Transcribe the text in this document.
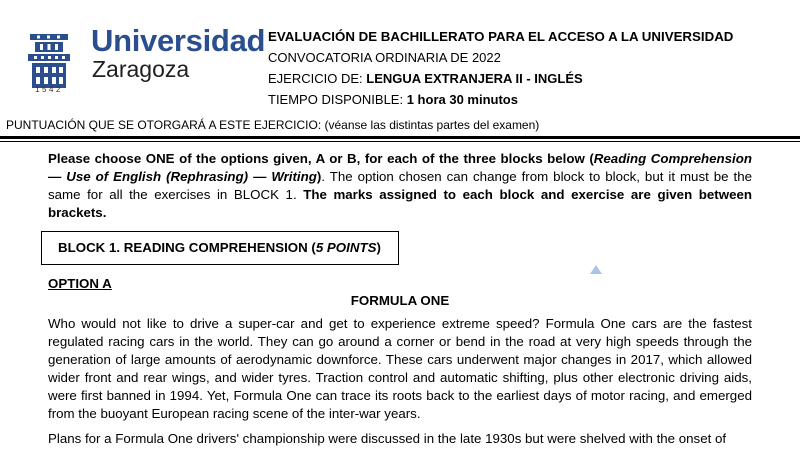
1542
Universidad
Zaragoza
EVALUACIÓN DE BACHILLERATO PARA EL ACCESO A LA UNIVERSIDAD
CONVOCATORIA ORDINARIA DE 2022
EJERCICIO DE: LENGUA EXTRANJERA II - INGLÉS
TIEMPO DISPONIBLE: 1 hora 30 minutos
PUNTUACIÓN QUE SE OTORGARÁ A ESTE EJERCICIO: (véanse las distintas partes del examen)
Please choose ONE of the options given, A or B, for each of the three blocks below (Reading Comprehension — Use of English (Rephrasing) — Writing). The option chosen can change from block to block, but it must be the same for all the exercises in BLOCK 1. The marks assigned to each block and exercise are given between brackets.
BLOCK 1. READING COMPREHENSION (5 POINTS)
OPTION A
FORMULA ONE
Who would not like to drive a super-car and get to experience extreme speed? Formula One cars are the fastest regulated racing cars in the world. They can go around a corner or bend in the road at very high speeds through the generation of large amounts of aerodynamic downforce. These cars underwent major changes in 2017, which allowed wider front and rear wings, and wider tyres. Traction control and automatic shifting, plus other electronic driving aids, were first banned in 1994. Yet, Formula One can trace its roots back to the earliest days of motor racing, and emerged from the buoyant European racing scene of the inter-war years.
Plans for a Formula One drivers' championship were discussed in the late 1930s but were shelved with the onset of
